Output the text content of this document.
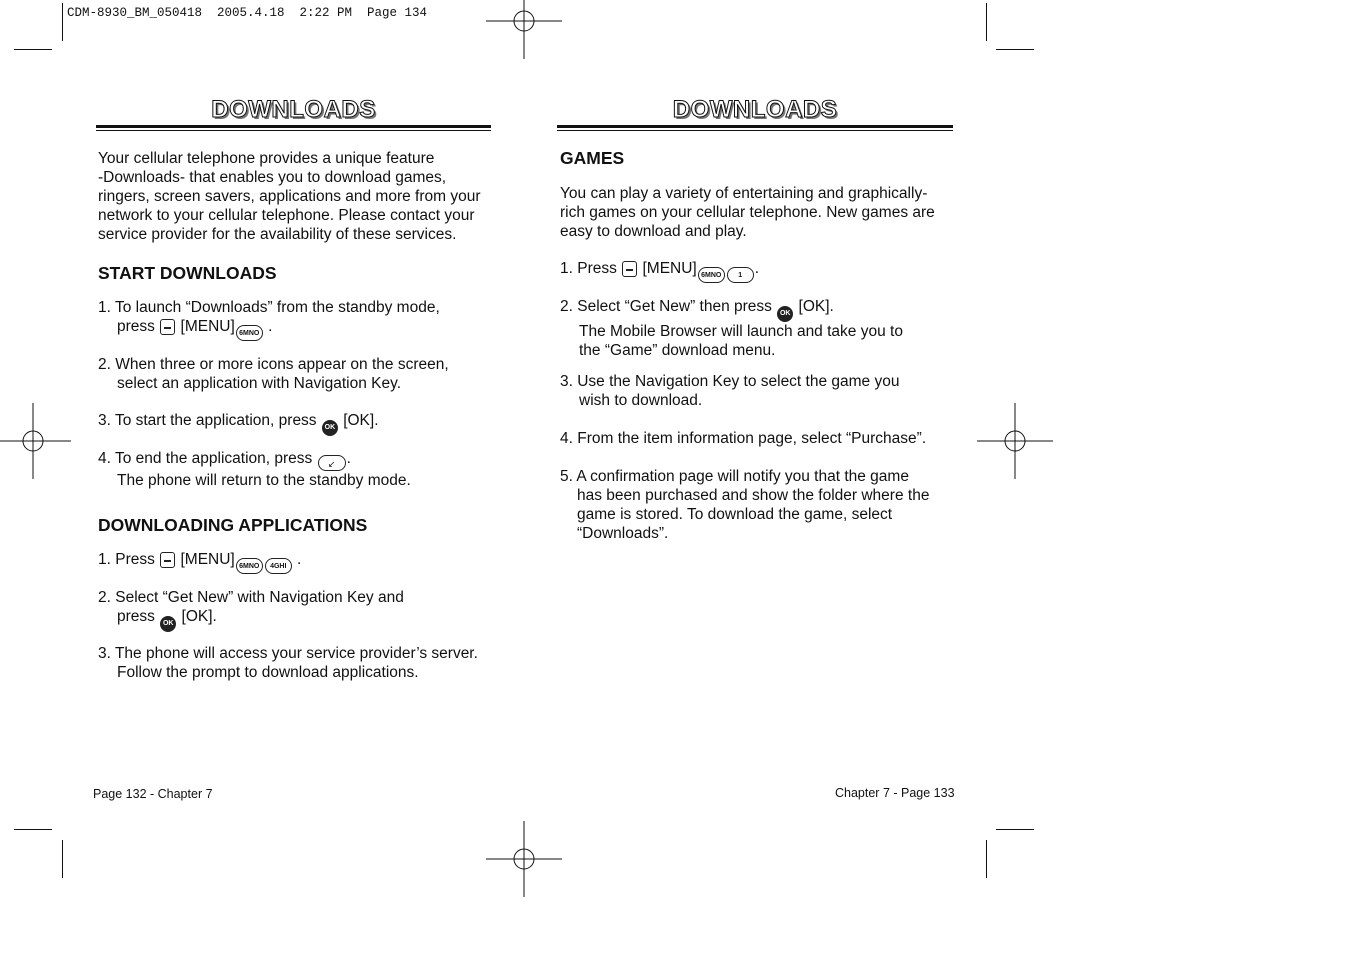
CDM-8930_BM_050418  2005.4.18  2:22 PM  Page 134
DOWNLOADS
Your cellular telephone provides a unique feature
-Downloads- that enables you to download games,
ringers, screen savers, applications and more from your
network to your cellular telephone. Please contact your
service provider for the availability of these services.
START DOWNLOADS
1. To launch “Downloads” from the standby mode,
press [MENU] 6MNO .
2. When three or more icons appear on the screen,
select an application with Navigation Key.
3. To start the application, press OK [OK].
4. To end the application, press ↙ .
The phone will return to the standby mode.
DOWNLOADING APPLICATIONS
1. Press [MENU] 6MNO 4GHI .
2. Select “Get New” with Navigation Key and
press OK [OK].
3. The phone will access your service provider’s server.
Follow the prompt to download applications.
Page 132 - Chapter 7
DOWNLOADS
GAMES
You can play a variety of entertaining and graphically-
rich games on your cellular telephone. New games are
easy to download and play.
1. Press [MENU] 6MNO 1 .
2. Select “Get New” then press OK [OK].
The Mobile Browser will launch and take you to
the “Game” download menu.
3. Use the Navigation Key to select the game you
wish to download.
4. From the item information page, select “Purchase”.
5. A confirmation page will notify you that the game
has been purchased and show the folder where the
game is stored. To download the game, select
“Downloads”.
Chapter 7 - Page 133
